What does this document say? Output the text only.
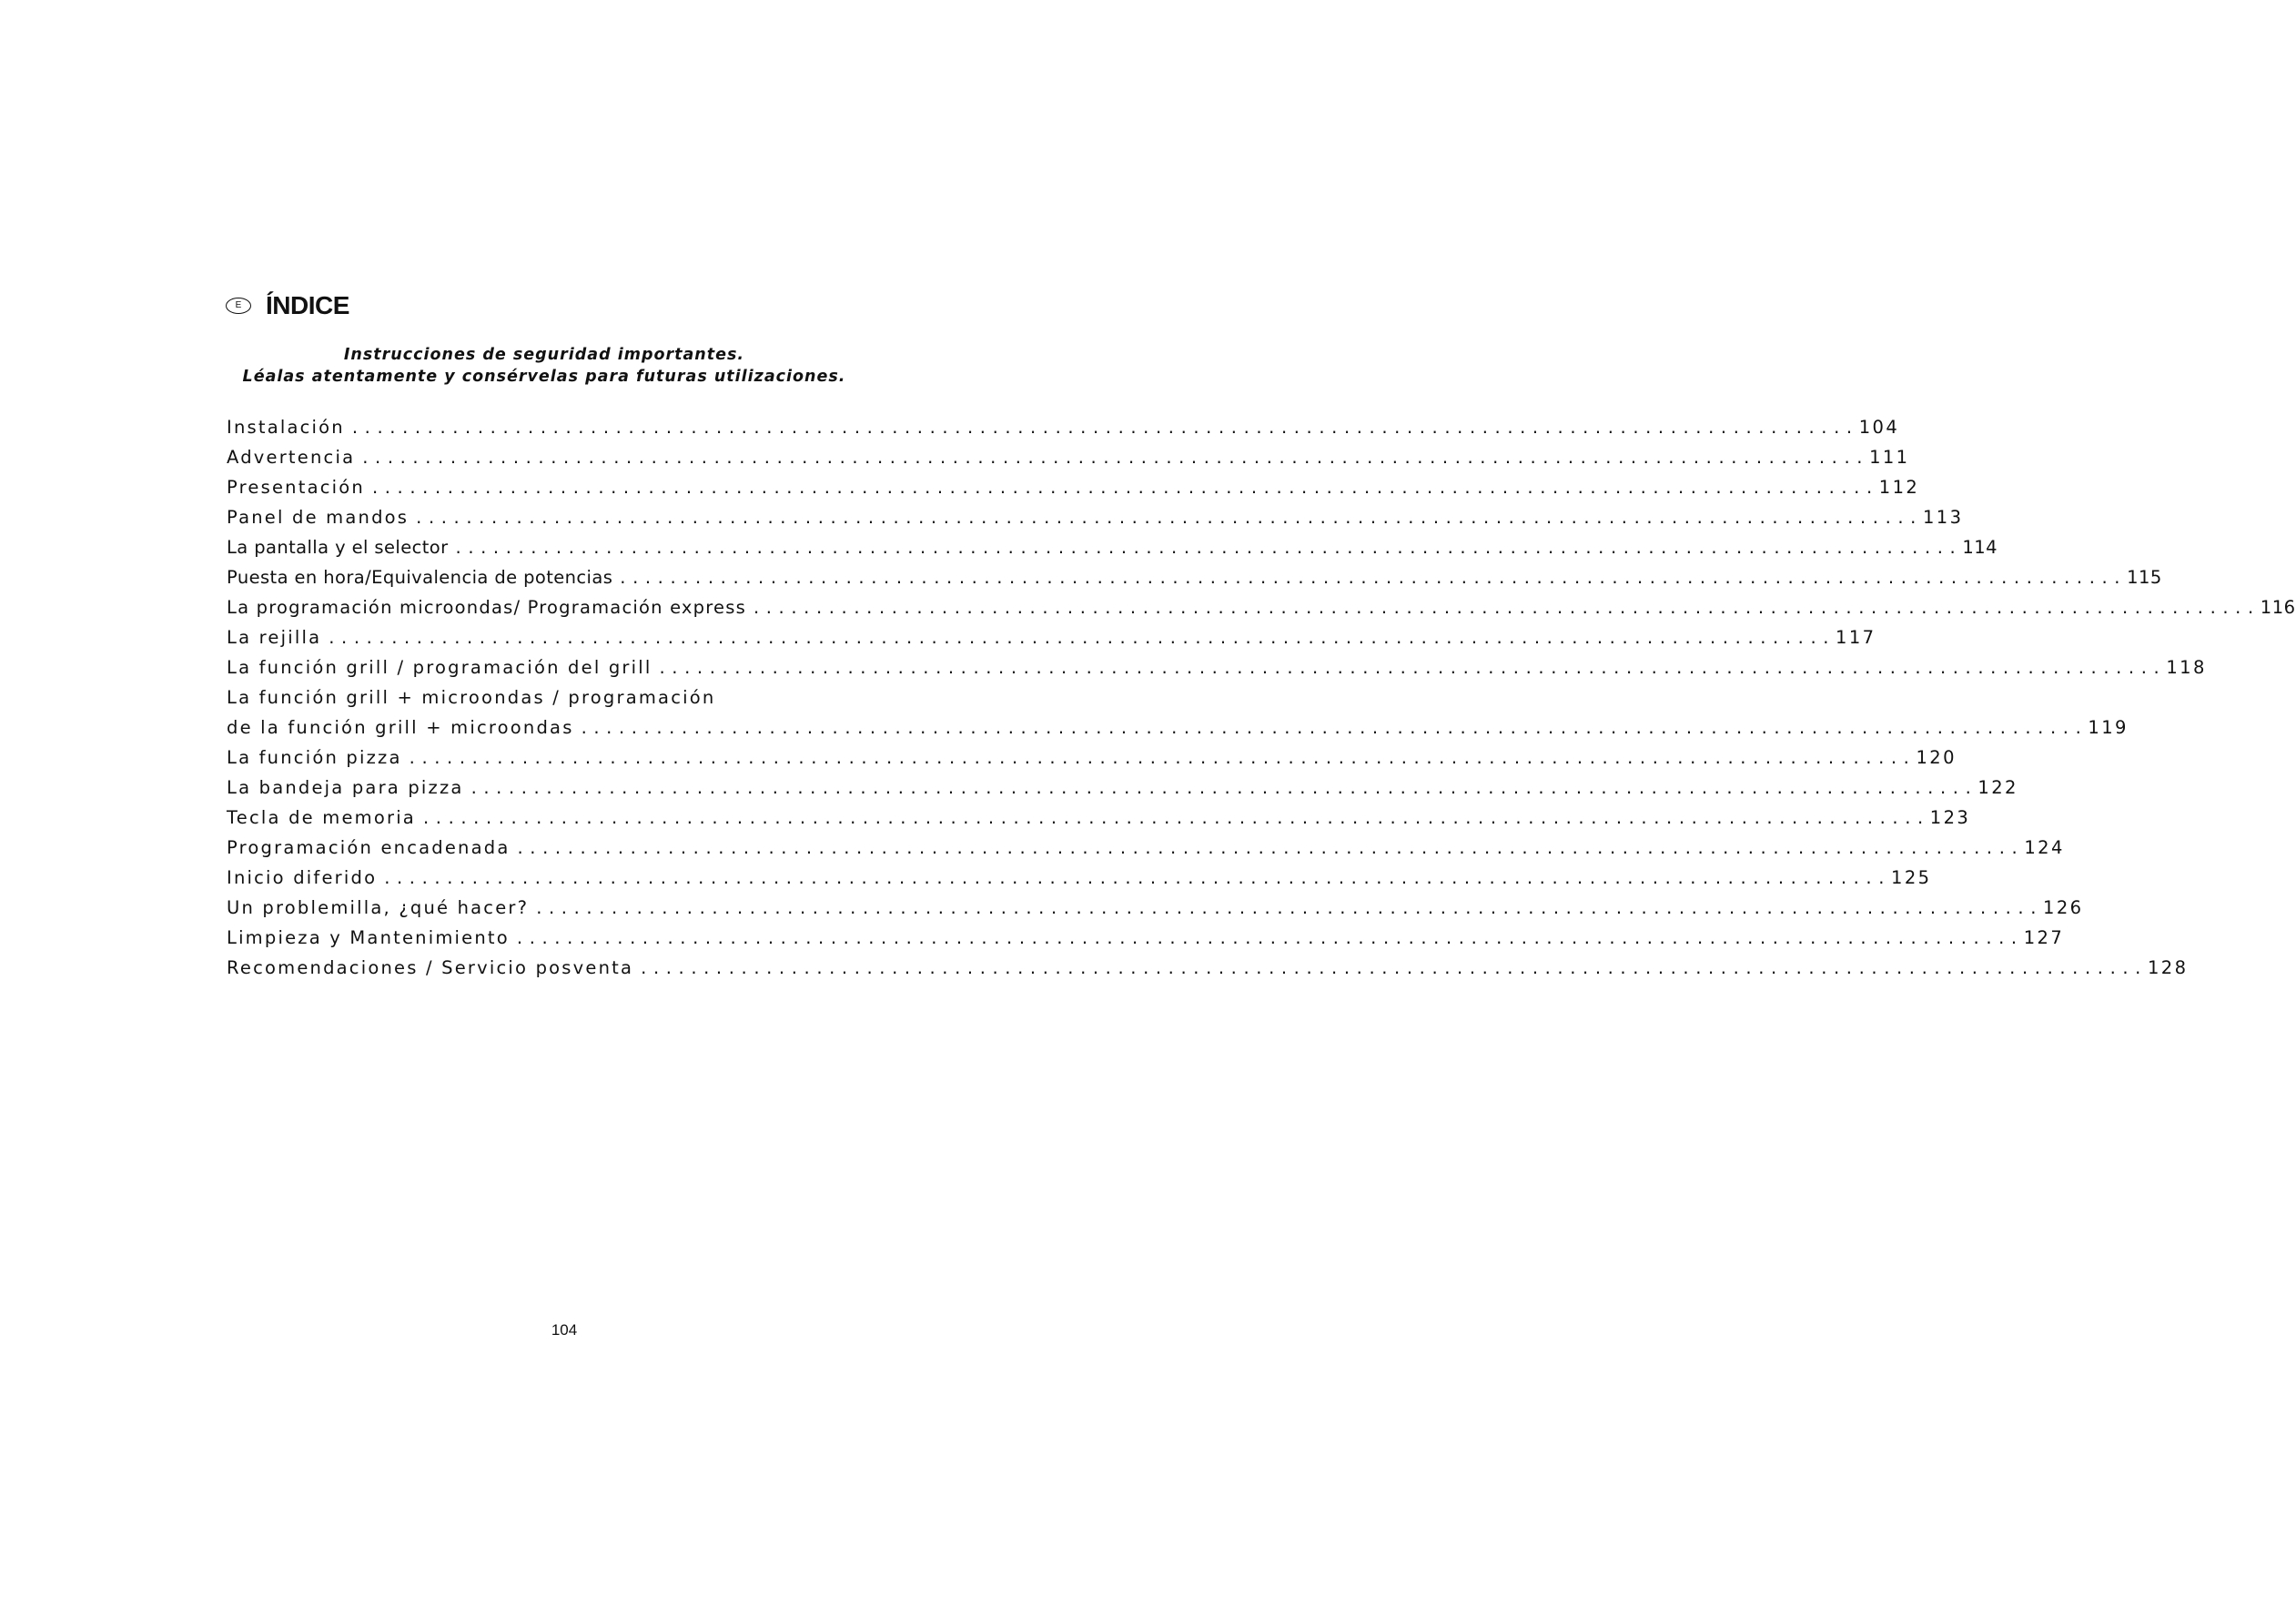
E ÍNDICE
Instrucciones de seguridad importantes.
Léalas atentamente y consérvelas para futuras utilizaciones.
Instalación ........................................................................................................................ 104
Advertencia ........................................................................................................................ 111
Presentación ........................................................................................................................ 112
Panel de mandos ........................................................................................................................ 113
La pantalla y el selector ........................................................................................................................ 114
Puesta en hora/Equivalencia de potencias ........................................................................................................................ 115
La programación microondas/ Programación express ........................................................................................................................ 116
La rejilla ........................................................................................................................ 117
La función grill / programación del grill ........................................................................................................................ 118
La función grill + microondas / programación
de la función grill + microondas ........................................................................................................................ 119
La función pizza ........................................................................................................................ 120
La bandeja para pizza ........................................................................................................................ 122
Tecla de memoria ........................................................................................................................ 123
Programación encadenada ........................................................................................................................ 124
Inicio diferido ........................................................................................................................ 125
Un problemilla, ¿qué hacer? ........................................................................................................................ 126
Limpieza y Mantenimiento ........................................................................................................................ 127
Recomendaciones / Servicio posventa ........................................................................................................................ 128
104
